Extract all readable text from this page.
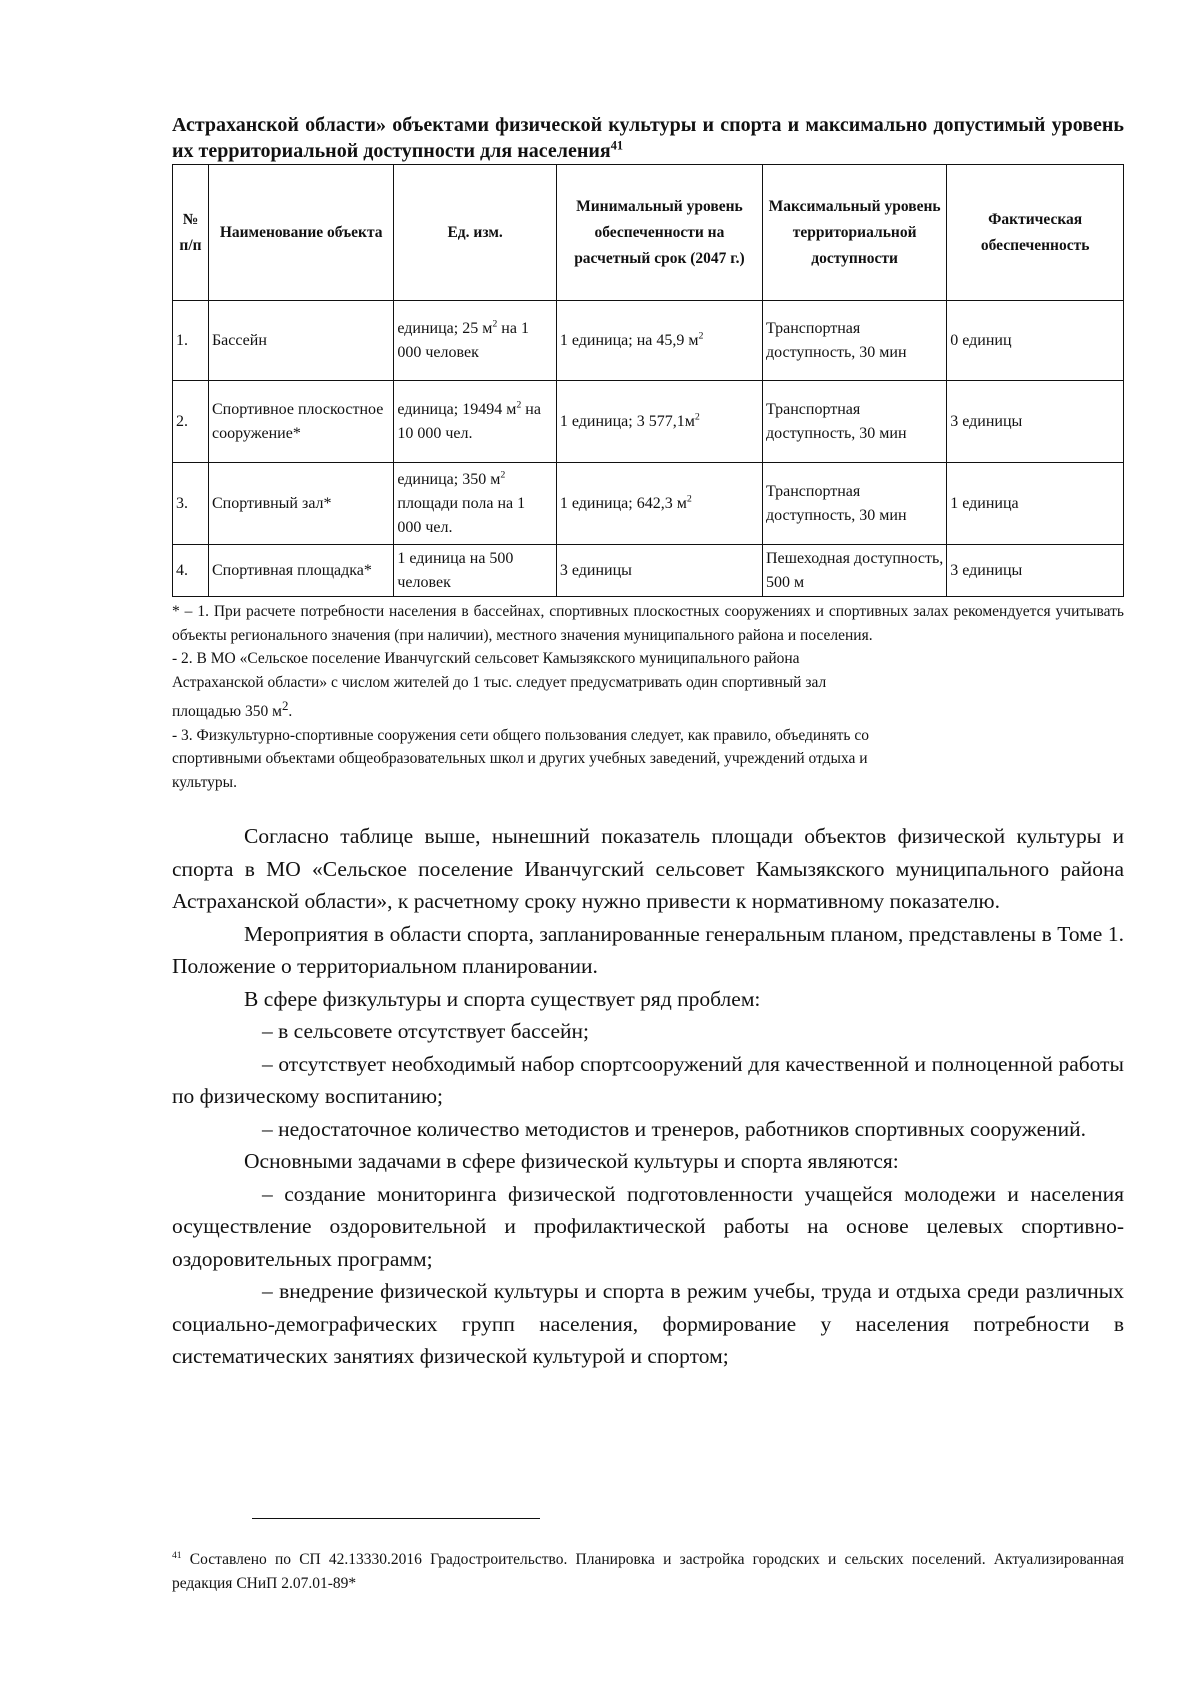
Астраханской области» объектами физической культуры и спорта и максимально допустимый уровень их территориальной доступности для населения$^{41}$

№ п/п	Наименование объекта	Ед. изм.	Минимальный уровень обеспеченности на расчетный срок (2047 г.)	Максимальный уровень территориальной доступности	Фактическая обеспеченность
1.	Бассейн	единица; 25 $м^2$ на 1 000 человек	1 единица; на 45,9 $м^2$	Транспортная доступность, 30 мин	0 единиц
2.	Спортивное плоскостное сооружение*	единица; 19494 $м^2$ на 10 000 чел.	1 единица; 3 $577,1м^2$	Транспортная доступность, 30 мин	3 единицы
3.	Спортивный зал*	единица; 350 $м^2$ площади пола на 1 000 чел.	1 единица; 642,3 $м^2$	Транспортная доступность, 30 мин	1 единица
4.	Спортивная площадка*	1 единица на 500 человек	3 единицы	Пешеходная доступность, 500 м	3 единицы

* – 1. При расчете потребности населения в бассейнах, спортивных плоскостных сооружениях и спортивных залах рекомендуется учитывать объекты регионального значения (при наличии), местного значения муниципального района и поселения.

- 2. В МО «Сельское поселение Иванчугский сельсовет Камызякского муниципального района

Астраханской области» с числом жителей до 1 тыс. следует предусматривать один спортивный зал

площадью 350 $м^2$.

- 3. Физкультурно-спортивные сооружения сети общего пользования следует, как правило, объединять со

спортивными объектами общеобразовательных школ и других учебных заведений, учреждений отдыха и

культуры.

Согласно таблице выше, нынешний показатель площади объектов физической культуры и спорта в МО «Сельское поселение Иванчугский сельсовет Камызякского муниципального района Астраханской области», к расчетному сроку нужно привести к нормативному показателю.

Мероприятия в области спорта, запланированные генеральным планом, представлены в Томе 1. Положение о территориальном планировании.

В сфере физкультуры и спорта существует ряд проблем:

– в сельсовете отсутствует бассейн;

– отсутствует необходимый набор спортсооружений для качественной и полноценной работы по физическому воспитанию;

– недостаточное количество методистов и тренеров, работников спортивных сооружений.

Основными задачами в сфере физической культуры и спорта являются:

– создание мониторинга физической подготовленности учащейся молодежи и населения осуществление оздоровительной и профилактической работы на основе целевых спортивно-оздоровительных программ;

– внедрение физической культуры и спорта в режим учебы, труда и отдыха среди различных социально-демографических групп населения, формирование у населения потребности в систематических занятиях физической культурой и спортом;

$^{41}$ Составлено по СП 42.13330.2016 Градостроительство. Планировка и застройка городских и сельских поселений. Актуализированная редакция СНиП 2.07.01-89*
